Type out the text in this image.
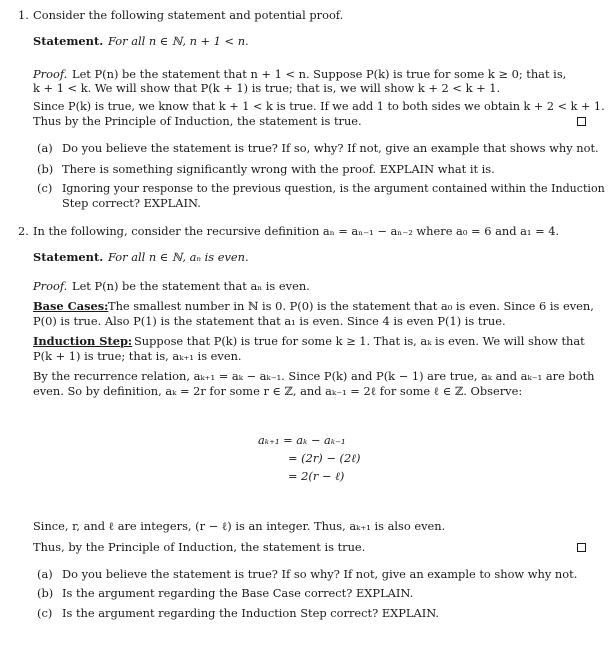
1. Consider the following statement and potential proof.
Statement. For all n ∈ ℕ, n + 1 < n.
Proof. Let P(n) be the statement that n + 1 < n. Suppose P(k) is true for some k ≥ 0; that is,
k + 1 < k. We will show that P(k + 1) is true; that is, we will show k + 2 < k + 1.
Since P(k) is true, we know that k + 1 < k is true. If we add 1 to both sides we obtain k + 2 < k + 1.
Thus by the Principle of Induction, the statement is true.
(a) Do you believe the statement is true? If so, why? If not, give an example that shows why not.
(b) There is something significantly wrong with the proof. EXPLAIN what it is.
(c) Ignoring your response to the previous question, is the argument contained within the Induction
Step correct? EXPLAIN.
2. In the following, consider the recursive definition aₙ = aₙ₋₁ − aₙ₋₂ where a₀ = 6 and a₁ = 4.
Statement. For all n ∈ ℕ, aₙ is even.
Proof. Let P(n) be the statement that aₙ is even.
Base Cases: The smallest number in ℕ is 0. P(0) is the statement that a₀ is even. Since 6 is even,
P(0) is true. Also P(1) is the statement that a₁ is even. Since 4 is even P(1) is true.
Induction Step: Suppose that P(k) is true for some k ≥ 1. That is, aₖ is even. We will show that
P(k + 1) is true; that is, aₖ₊₁ is even.
By the recurrence relation, aₖ₊₁ = aₖ − aₖ₋₁. Since P(k) and P(k − 1) are true, aₖ and aₖ₋₁ are both
even. So by definition, aₖ = 2r for some r ∈ ℤ, and aₖ₋₁ = 2ℓ for some ℓ ∈ ℤ. Observe:
aₖ₊₁ = aₖ − aₖ₋₁
= (2r) − (2ℓ)
= 2(r − ℓ)
Since, r, and ℓ are integers, (r − ℓ) is an integer. Thus, aₖ₊₁ is also even.
Thus, by the Principle of Induction, the statement is true.
(a) Do you believe the statement is true? If so why? If not, give an example to show why not.
(b) Is the argument regarding the Base Case correct? EXPLAIN.
(c) Is the argument regarding the Induction Step correct? EXPLAIN.
